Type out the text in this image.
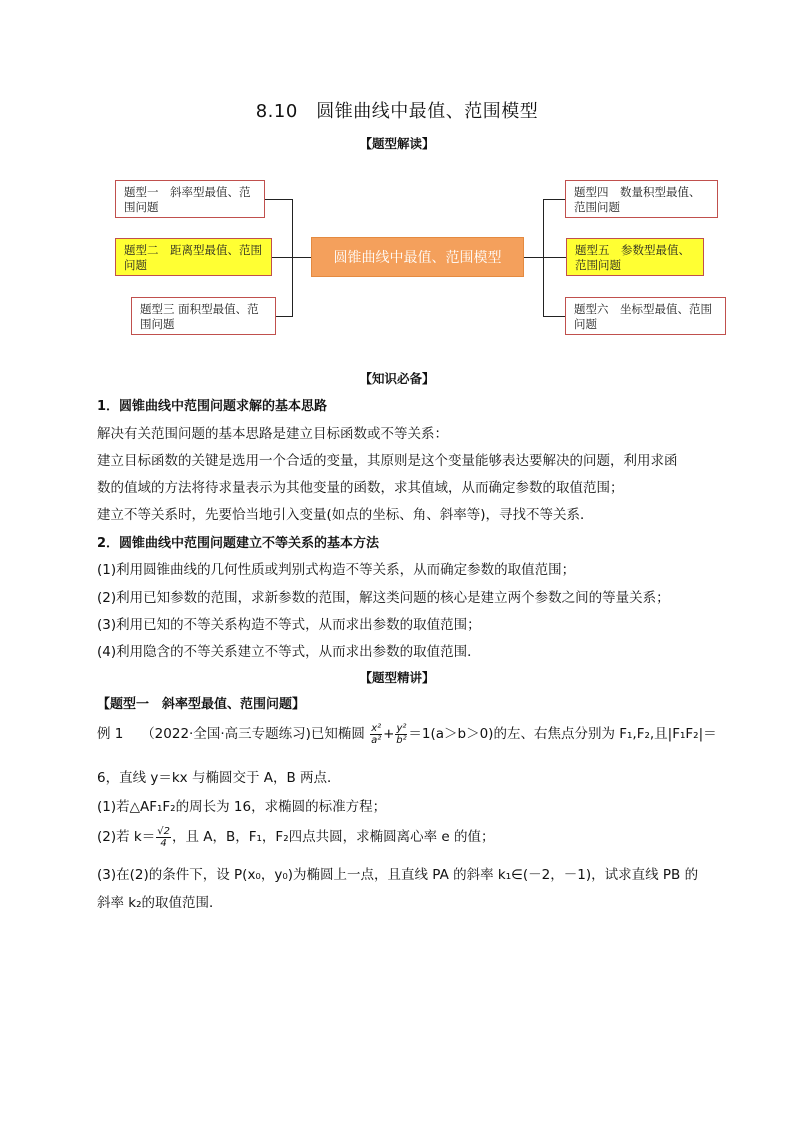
8.10　圆锥曲线中最值、范围模型
【题型解读】
圆锥曲线中最值、范围模型
题型一　斜率型最值、范围问题
题型二　距离型最值、范围问题
题型三 面积型最值、范围问题
题型四　数量积型最值、范围问题
题型五　参数型最值、范围问题
题型六　坐标型最值、范围问题
【知识必备】
1．圆锥曲线中范围问题求解的基本思路
解决有关范围问题的基本思路是建立目标函数或不等关系：
建立目标函数的关键是选用一个合适的变量，其原则是这个变量能够表达要解决的问题，利用求函
数的值域的方法将待求量表示为其他变量的函数，求其值域，从而确定参数的取值范围；
建立不等关系时，先要恰当地引入变量(如点的坐标、角、斜率等)，寻找不等关系．
2．圆锥曲线中范围问题建立不等关系的基本方法
(1)利用圆锥曲线的几何性质或判别式构造不等关系，从而确定参数的取值范围；
(2)利用已知参数的范围，求新参数的范围，解这类问题的核心是建立两个参数之间的等量关系；
(3)利用已知的不等关系构造不等式，从而求出参数的取值范围；
(4)利用隐含的不等关系建立不等式，从而求出参数的取值范围．
【题型精讲】
【题型一　斜率型最值、范围问题】
例 1　 （2022·全国·高三专题练习)已知椭圆 $\frac{\text{x²}}{\text{a²}} + \frac{\text{y²}}{\text{b²}} =1(a>b>0)$的左、右焦点分别为 F₁,F₂,且|F₁F₂|＝
6，直线 y＝kx 与椭圆交于 A，B 两点．
(1)若△AF₁F₂的周长为 16，求椭圆的标准方程；
(2)若 $k= \frac{√2}{4}$ ，且 A，B，F₁，F₂四点共圆，求椭圆离心率 e 的值；
(3)在(2)的条件下，设 P(x₀，y₀)为椭圆上一点，且直线 PA 的斜率 k₁∈(－2，－1)，试求直线 PB 的
斜率 k₂的取值范围．
